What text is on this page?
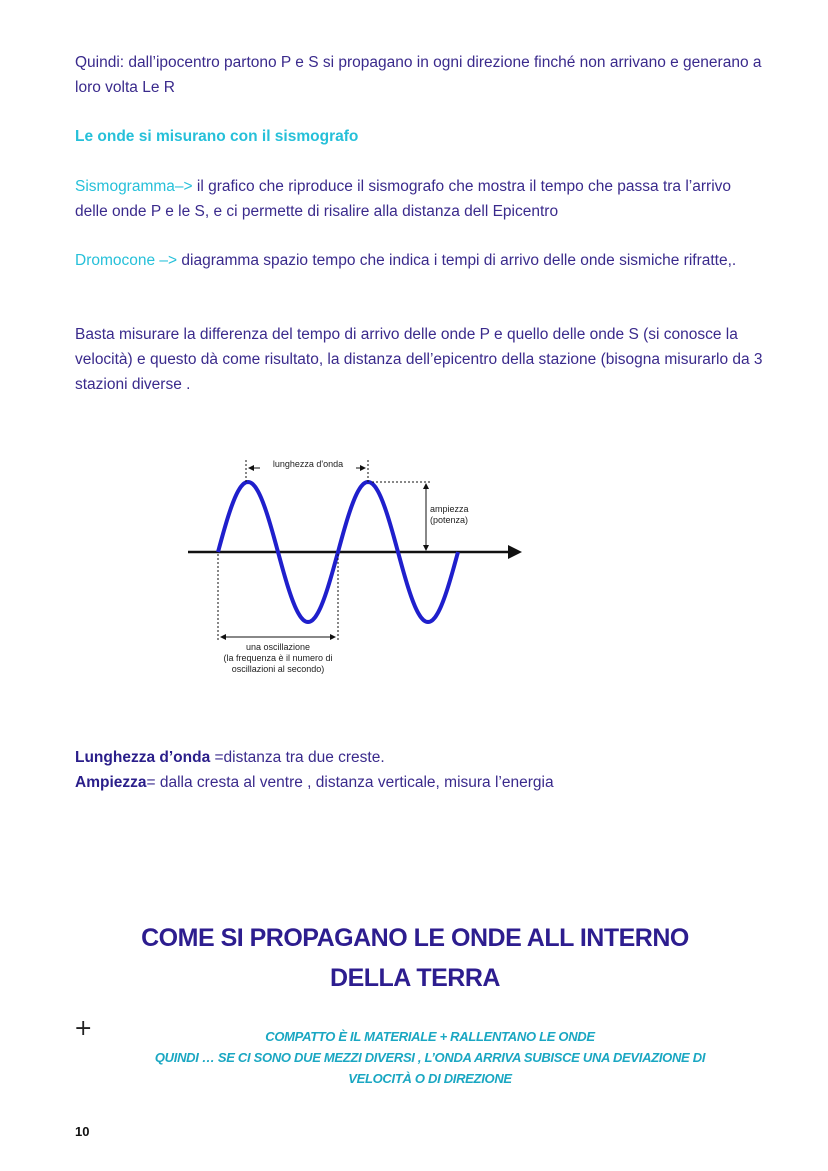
Quindi: dall’ipocentro partono P e S si propagano in ogni direzione finché non arrivano e generano a loro volta Le R

Le onde si misurano con il sismografo

Sismogramma–> il grafico che riproduce il sismografo che mostra il tempo che passa tra l’arrivo delle onde P e le S, e ci permette di risalire alla distanza dell Epicentro

Dromocone –> diagramma spazio tempo che indica i tempi di arrivo delle onde sismiche rifratte,.

Basta misurare la differenza del tempo di arrivo delle onde P e quello delle onde S (si conosce la velocità) e questo dà come risultato, la distanza dell’epicentro della stazione (bisogna misurarlo da 3 stazioni diverse .

lunghezza d'onda
ampiezza
(potenza)
una oscillazione
(la frequenza è il numero di
oscillazioni al secondo)

Lunghezza d’onda =distanza tra due creste.

Ampiezza= dalla cresta al ventre , distanza verticale, misura l’energia

COME SI PROPAGANO LE ONDE ALL INTERNO
DELLA TERRA
+	COMPATTO È IL MATERIALE + RALLENTANO LE ONDE
QUINDI … SE CI SONO DUE MEZZI DIVERSI , L’ONDA ARRIVA SUBISCE UNA DEVIAZIONE DI
VELOCITÀ O DI DIREZIONE
10
